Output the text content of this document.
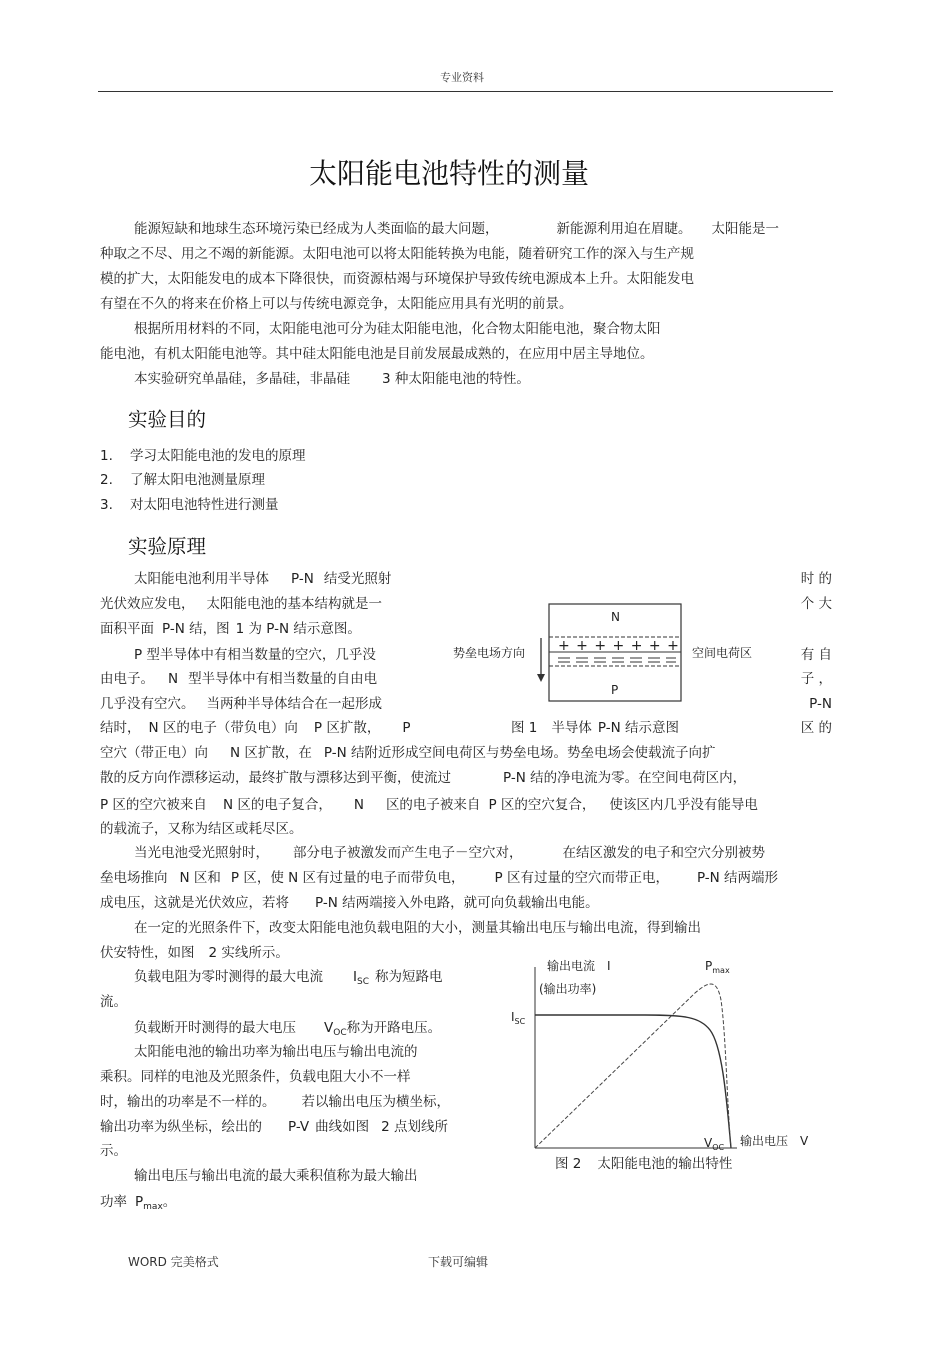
专业资料
太阳能电池特性的测量
能源短缺和地球生态环境污染已经成为人类面临的最大问题，	新能源利用迫在眉睫。 太阳能是一
种取之不尽、用之不竭的新能源。太阳电池可以将太阳能转换为电能，随着研究工作的深入与生产规
模的扩大，太阳能发电的成本下降很快，而资源枯竭与环境保护导致传统电源成本上升。太阳能发电
有望在不久的将来在价格上可以与传统电源竞争，太阳能应用具有光明的前景。
根据所用材料的不同，太阳能电池可分为硅太阳能电池，化合物太阳能电池，聚合物太阳
能电池，有机太阳能电池等。其中硅太阳能电池是目前发展最成熟的，在应用中居主导地位。
本实验研究单晶硅，多晶硅，非晶硅 3 种太阳能电池的特性。
实验目的
1. 学习太阳能电池的发电的原理
2. 了解太阳电池测量原理
3. 对太阳电池特性进行测量
实验原理
太阳能电池利用半导体 P-N 结受光照射
光伏效应发电， 太阳能电池的基本结构就是一
面积平面 P-N 结，图 1 为 P-N 结示意图。
P 型半导体中有相当数量的空穴，几乎没
由电子。 N 型半导体中有相当数量的自由电
几乎没有空穴。 当两种半导体结合在一起形成
结时， N 区的电子（带负电）向 P 区扩散， P
时 的
个 大
有 自
子 ，
P-N
区 的
N
P
+ + + + + + +
势垒电场方向	空间电荷区
图 1 半导体 P-N 结示意图
空穴（带正电）向 N 区扩散，在 P-N 结附近形成空间电荷区与势垒电场。势垒电场会使载流子向扩
散的反方向作漂移运动，最终扩散与漂移达到平衡，使流过	P-N 结的净电流为零。在空间电荷区内，
P 区的空穴被来自 N 区的电子复合， N 区的电子被来自 P 区的空穴复合， 使该区内几乎没有能导电
的载流子，又称为结区或耗尽区。
当光电池受光照射时， 部分电子被激发而产生电子－空穴对，	在结区激发的电子和空穴分别被势
垒电场推向 N 区和 P 区，使 N 区有过量的电子而带负电， P 区有过量的空穴而带正电， P-N 结两端形
成电压，这就是光伏效应，若将 P-N 结两端接入外电路，就可向负载输出电能。
在一定的光照条件下，改变太阳能电池负载电阻的大小，测量其输出电压与输出电流，得到输出
伏安特性，如图 2 实线所示。
负载电阻为零时测得的最大电流 $I_{SC}$ 称为短路电
流。
负载断开时测得的最大电压 $V_{OC}$称为开路电压。
太阳能电池的输出功率为输出电压与输出电流的
乘积。同样的电池及光照条件，负载电阻大小不一样
时，输出的功率是不一样的。 若以输出电压为横坐标，
输出功率为纵坐标，绘出的 P-V 曲线如图 2 点划线所
示。
输出电压与输出电流的最大乘积值称为最大输出
功率 $P_{max}$。
输出电流　I
(输出功率)
$P_{max}$
$I_{SC}$
$V_{OC}$ 输出电压　V
图 2 太阳能电池的输出特性
WORD 完美格式	下载可编辑
